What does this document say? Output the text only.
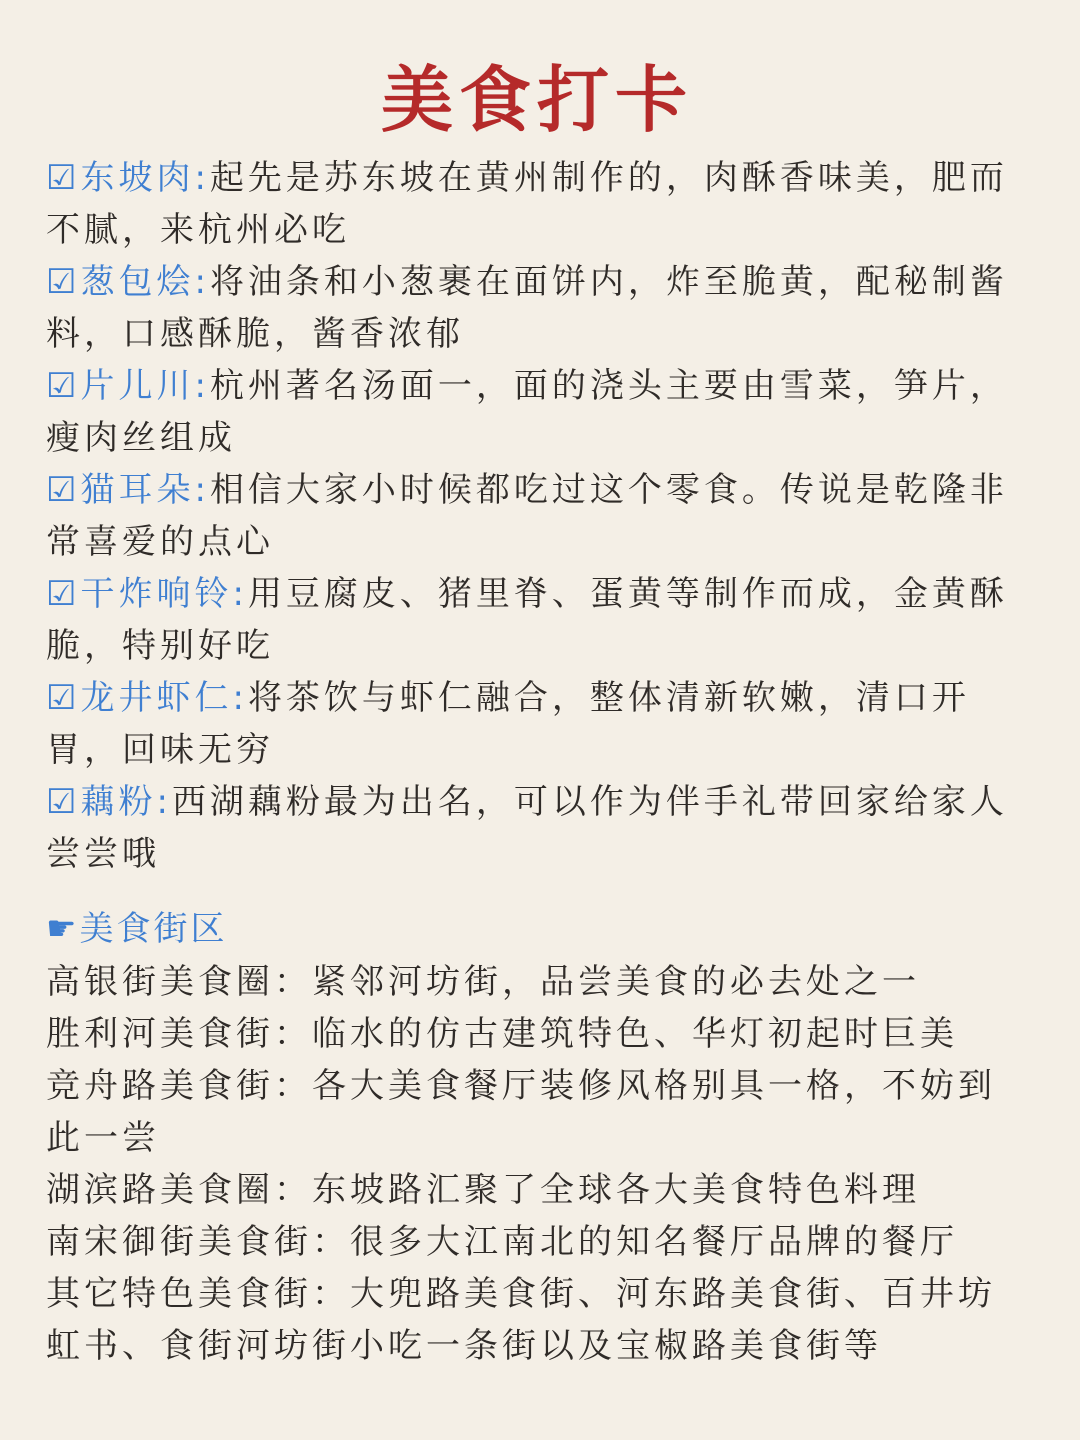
美食打卡
☑东坡肉:起先是苏东坡在黄州制作的，肉酥香味美，肥而不腻，来杭州必吃
☑葱包烩:将油条和小葱裹在面饼内，炸至脆黄，配秘制酱料，口感酥脆，酱香浓郁
☑片儿川:杭州著名汤面一，面的浇头主要由雪菜，笋片，瘦肉丝组成
☑猫耳朵:相信大家小时候都吃过这个零食。传说是乾隆非常喜爱的点心
☑干炸响铃:用豆腐皮、猪里脊、蛋黄等制作而成，金黄酥脆，特别好吃
☑龙井虾仁:将茶饮与虾仁融合，整体清新软嫩，清口开胃，回味无穷
☑藕粉:西湖藕粉最为出名，可以作为伴手礼带回家给家人尝尝哦
☛美食街区
高银街美食圈：紧邻河坊街，品尝美食的必去处之一
胜利河美食街：临水的仿古建筑特色、华灯初起时巨美
竞舟路美食街：各大美食餐厅装修风格别具一格，不妨到此一尝
湖滨路美食圈：东坡路汇聚了全球各大美食特色料理
南宋御街美食街：很多大江南北的知名餐厅品牌的餐厅
其它特色美食街：大兜路美食街、河东路美食街、百井坊虹书、食街河坊街小吃一条街以及宝椒路美食街等
